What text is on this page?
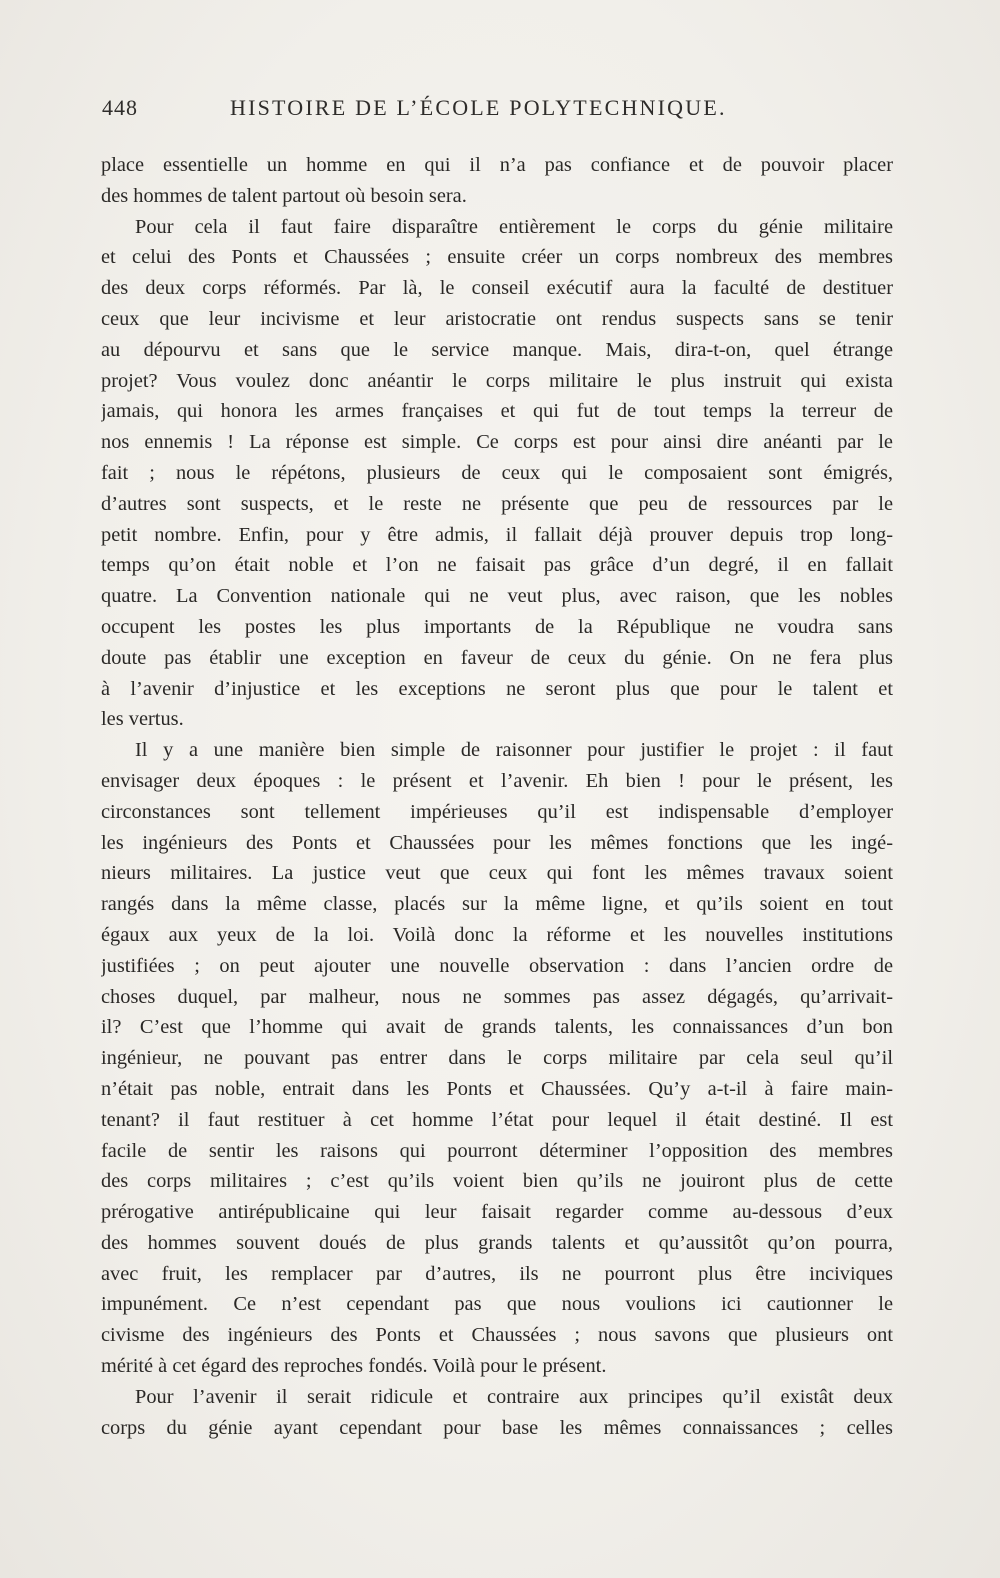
448	HISTOIRE DE L’ÉCOLE POLYTECHNIQUE.
place essentielle un homme en qui il n’a pas confiance et de pouvoir placer
des hommes de talent partout où besoin sera.
Pour cela il faut faire disparaître entièrement le corps du génie militaire
et celui des Ponts et Chaussées ; ensuite créer un corps nombreux des membres
des deux corps réformés. Par là, le conseil exécutif aura la faculté de destituer
ceux que leur incivisme et leur aristocratie ont rendus suspects sans se tenir
au dépourvu et sans que le service manque. Mais, dira-t-on, quel étrange
projet? Vous voulez donc anéantir le corps militaire le plus instruit qui exista
jamais, qui honora les armes françaises et qui fut de tout temps la terreur de
nos ennemis ! La réponse est simple. Ce corps est pour ainsi dire anéanti par le
fait ; nous le répétons, plusieurs de ceux qui le composaient sont émigrés,
d’autres sont suspects, et le reste ne présente que peu de ressources par le
petit nombre. Enfin, pour y être admis, il fallait déjà prouver depuis trop long-
temps qu’on était noble et l’on ne faisait pas grâce d’un degré, il en fallait
quatre. La Convention nationale qui ne veut plus, avec raison, que les nobles
occupent les postes les plus importants de la République ne voudra sans
doute pas établir une exception en faveur de ceux du génie. On ne fera plus
à l’avenir d’injustice et les exceptions ne seront plus que pour le talent et
les vertus.
Il y a une manière bien simple de raisonner pour justifier le projet : il faut
envisager deux époques : le présent et l’avenir. Eh bien ! pour le présent, les
circonstances sont tellement impérieuses qu’il est indispensable d’employer
les ingénieurs des Ponts et Chaussées pour les mêmes fonctions que les ingé-
nieurs militaires. La justice veut que ceux qui font les mêmes travaux soient
rangés dans la même classe, placés sur la même ligne, et qu’ils soient en tout
égaux aux yeux de la loi. Voilà donc la réforme et les nouvelles institutions
justifiées ; on peut ajouter une nouvelle observation : dans l’ancien ordre de
choses duquel, par malheur, nous ne sommes pas assez dégagés, qu’arrivait-
il? C’est que l’homme qui avait de grands talents, les connaissances d’un bon
ingénieur, ne pouvant pas entrer dans le corps militaire par cela seul qu’il
n’était pas noble, entrait dans les Ponts et Chaussées. Qu’y a-t-il à faire main-
tenant? il faut restituer à cet homme l’état pour lequel il était destiné. Il est
facile de sentir les raisons qui pourront déterminer l’opposition des membres
des corps militaires ; c’est qu’ils voient bien qu’ils ne jouiront plus de cette
prérogative antirépublicaine qui leur faisait regarder comme au-dessous d’eux
des hommes souvent doués de plus grands talents et qu’aussitôt qu’on pourra,
avec fruit, les remplacer par d’autres, ils ne pourront plus être inciviques
impunément. Ce n’est cependant pas que nous voulions ici cautionner le
civisme des ingénieurs des Ponts et Chaussées ; nous savons que plusieurs ont
mérité à cet égard des reproches fondés. Voilà pour le présent.
Pour l’avenir il serait ridicule et contraire aux principes qu’il existât deux
corps du génie ayant cependant pour base les mêmes connaissances ; celles
